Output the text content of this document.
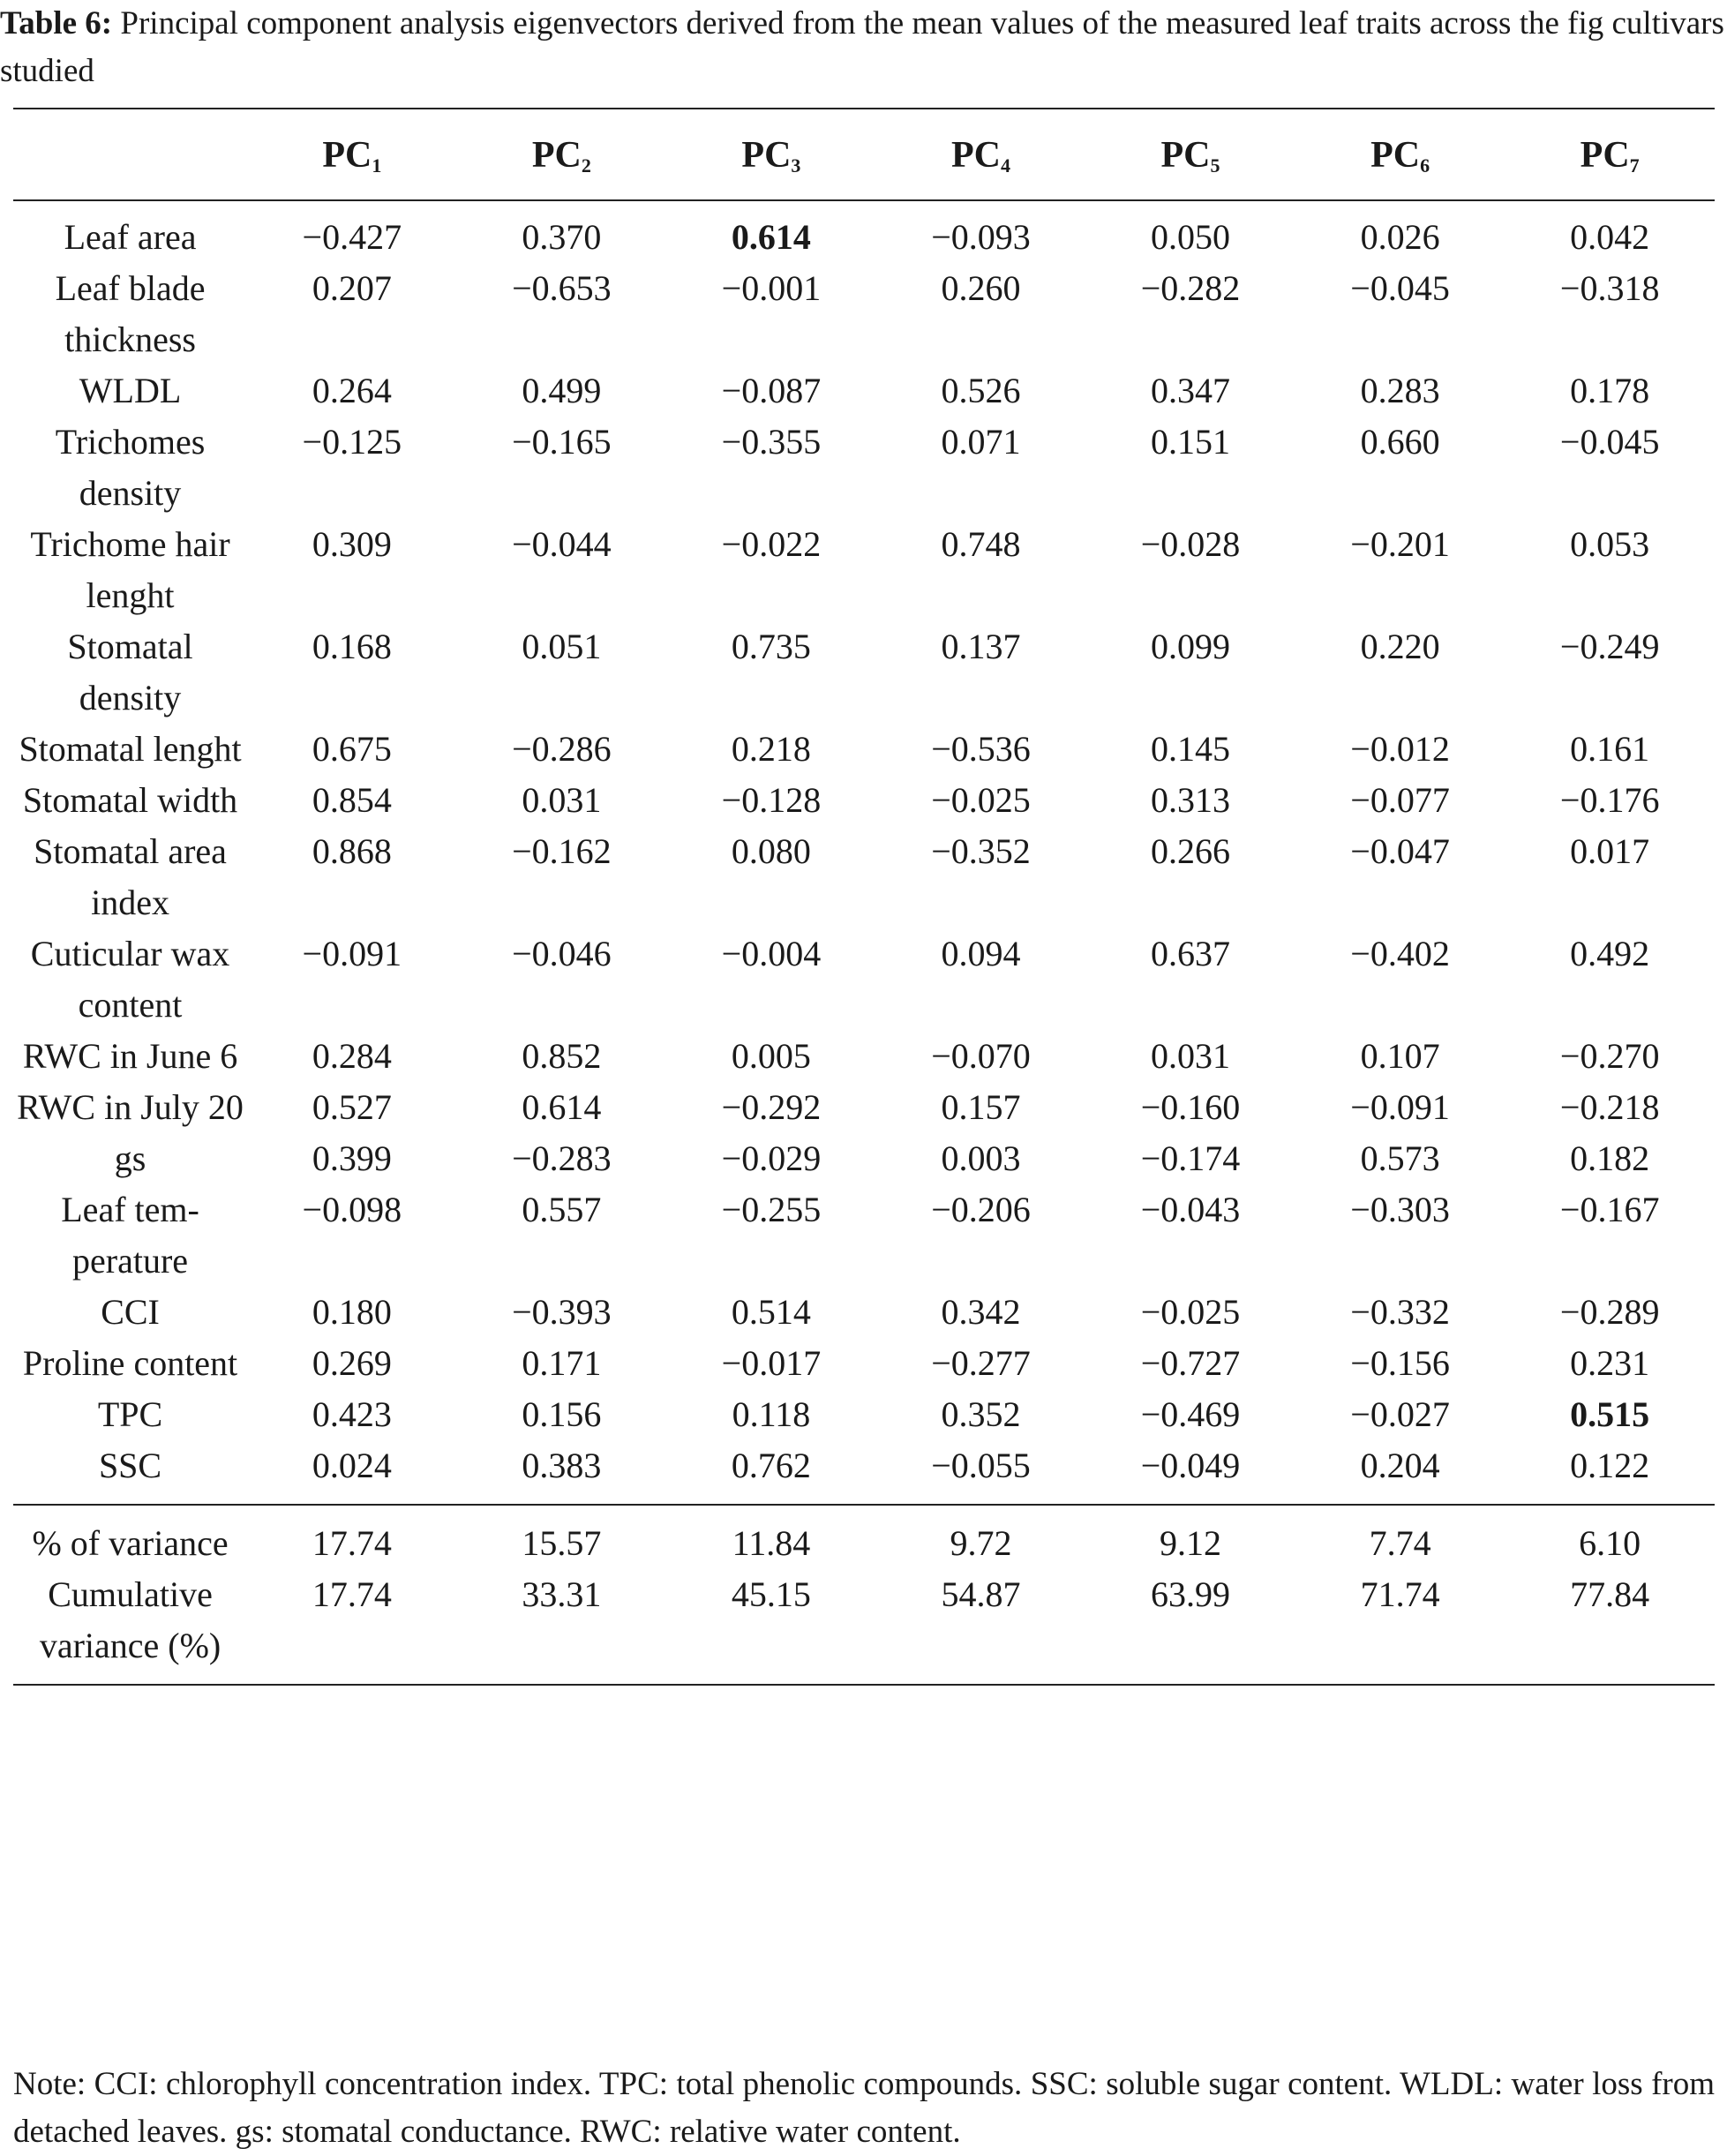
Table 6: Principal component analysis eigenvectors derived from the mean values of the measured leaf traits across the fig cultivars studied

	$PC_1$	$PC_2$	$PC_3$	$PC_4$	$PC_5$	$PC_6$	$PC_7$
Leaf area	−0.427	0.370	0.614	−0.093	0.050	0.026	0.042
Leaf blade thickness	0.207	−0.653	−0.001	0.260	−0.282	−0.045	−0.318
WLDL	0.264	0.499	−0.087	0.526	0.347	0.283	0.178
Trichomes density	−0.125	−0.165	−0.355	0.071	0.151	0.660	−0.045
Trichome hair lenght	0.309	−0.044	−0.022	0.748	−0.028	−0.201	0.053
Stomatal density	0.168	0.051	0.735	0.137	0.099	0.220	−0.249
Stomatal lenght	0.675	−0.286	0.218	−0.536	0.145	−0.012	0.161
Stomatal width	0.854	0.031	−0.128	−0.025	0.313	−0.077	−0.176
Stomatal area index	0.868	−0.162	0.080	−0.352	0.266	−0.047	0.017
Cuticular wax content	−0.091	−0.046	−0.004	0.094	0.637	−0.402	0.492
RWC in June 6	0.284	0.852	0.005	−0.070	0.031	0.107	−0.270
RWC in July 20	0.527	0.614	−0.292	0.157	−0.160	−0.091	−0.218
gs	0.399	−0.283	−0.029	0.003	−0.174	0.573	0.182
Leaf tem-perature	−0.098	0.557	−0.255	−0.206	−0.043	−0.303	−0.167
CCI	0.180	−0.393	0.514	0.342	−0.025	−0.332	−0.289
Proline content	0.269	0.171	−0.017	−0.277	−0.727	−0.156	0.231
TPC	0.423	0.156	0.118	0.352	−0.469	−0.027	0.515
SSC	0.024	0.383	0.762	−0.055	−0.049	0.204	0.122
% of variance	17.74	15.57	11.84	9.72	9.12	7.74	6.10
Cumulative variance (%)	17.74	33.31	45.15	54.87	63.99	71.74	77.84

Note: CCI: chlorophyll concentration index. TPC: total phenolic compounds. SSC: soluble sugar content. WLDL: water loss from detached leaves. gs: stomatal conductance. RWC: relative water content.
